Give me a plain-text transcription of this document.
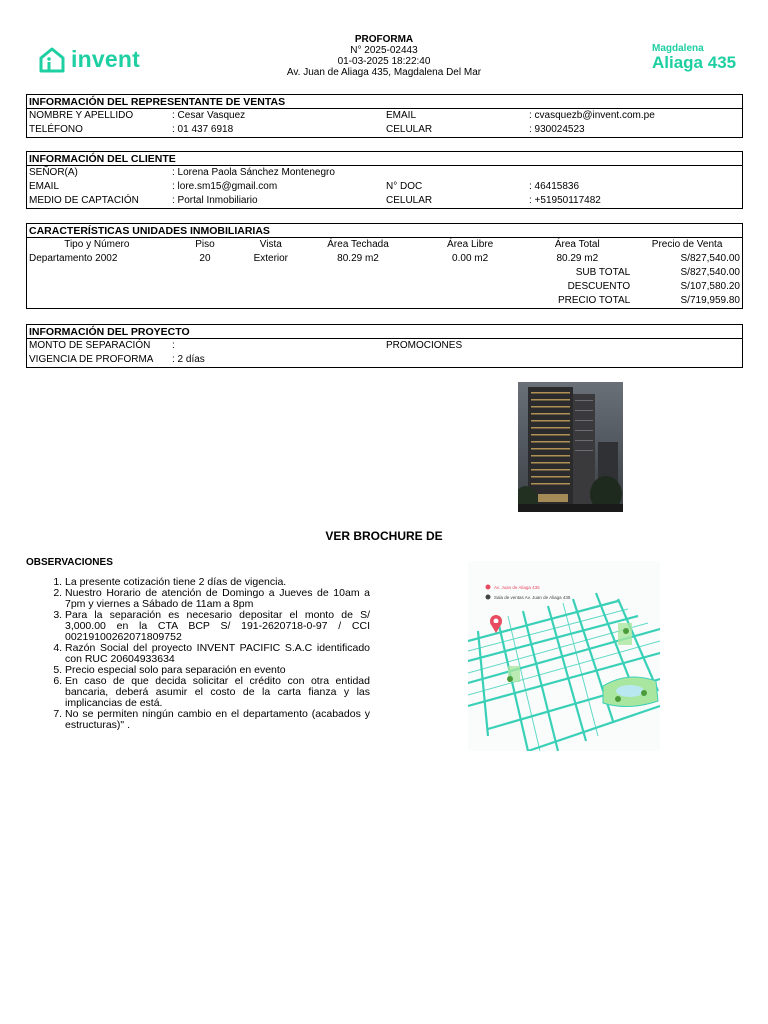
invent	Magdalena
Aliaga 435
PROFORMA
N° 2025-02443
01-03-2025 18:22:40
Av. Juan de Aliaga 435, Magdalena Del Mar
INFORMACIÓN DEL REPRESENTANTE DE VENTAS
NOMBRE Y APELLIDO	: Cesar Vasquez	EMAIL	: cvasquezb@invent.com.pe
TELÉFONO	: 01 437 6918	CELULAR	: 930024523
INFORMACIÓN DEL CLIENTE
SEÑOR(A)	: Lorena Paola Sánchez Montenegro
EMAIL	: lore.sm15@gmail.com	N° DOC	: 46415836
MEDIO DE CAPTACIÓN	: Portal Inmobiliario	CELULAR	: +51950117482
CARACTERÍSTICAS UNIDADES INMOBILIARIAS
Tipo y Número	Piso	Vista	Área Techada	Área Libre	Área Total	Precio de Venta
Departamento 2002	20	Exterior	80.29 m2	0.00 m2	80.29 m2	S/827,540.00
					SUB TOTAL	S/827,540.00
					DESCUENTO	S/107,580.20
					PRECIO TOTAL	S/719,959.80
INFORMACIÓN DEL PROYECTO
MONTO DE SEPARACIÓN :	PROMOCIONES
VIGENCIA DE PROFORMA : 2 días
VER BROCHURE DE
OBSERVACIONES
1. La presente cotización tiene 2 días de vigencia.
2. Nuestro Horario de atención de Domingo a Jueves de 10am a 7pm y viernes a Sábado de 11am a 8pm
3. Para la separación es necesario depositar el monto de S/ 3,000.00 en la CTA BCP S/ 191-2620718-0-97 / CCI 00219100262071809752
4. Razón Social del proyecto INVENT PACIFIC S.A.C identificado con RUC 20604933634
5. Precio especial solo para separación en evento
6. En caso de que decida solicitar el crédito con otra entidad bancaria, deberá asumir el costo de la carta fianza y las implicancias de está.
7. No se permiten ningún cambio en el departamento (acabados y estructuras)" .
Av. Juan de Aliaga 435
Sala de ventas Av. Juan de Aliaga 435
